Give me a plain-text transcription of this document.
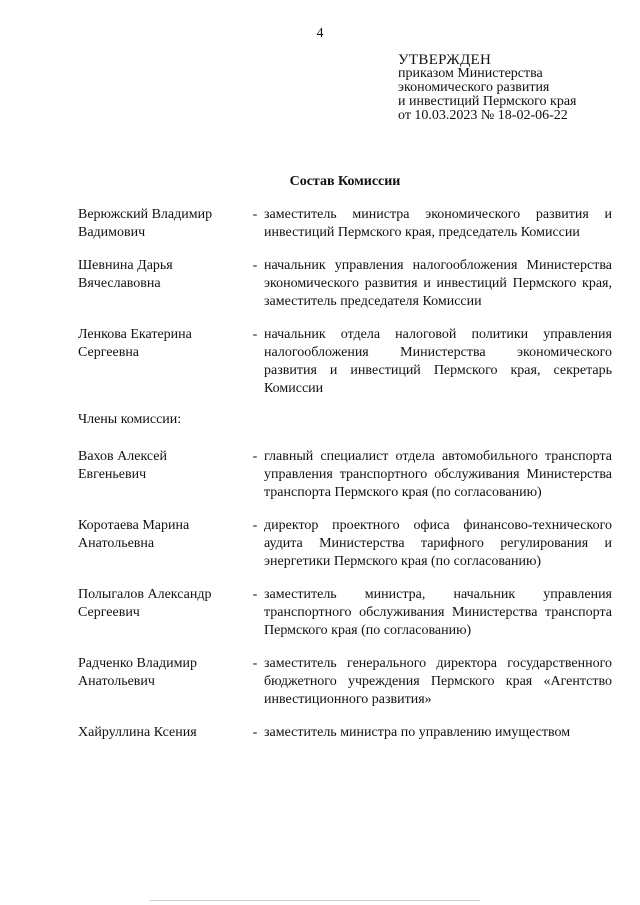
4
УТВЕРЖДЕН
приказом Министерства
экономического развития
и инвестиций Пермского края
от 10.03.2023 № 18-02-06-22
Состав Комиссии
Верюжский Владимир
Вадимович
- заместитель министра экономического развития и инвестиций Пермского края, председатель Комиссии
Шевнина Дарья
Вячеславовна
- начальник управления налогообложения Министерства экономического развития и инвестиций Пермского края, заместитель председателя Комиссии
Ленкова Екатерина
Сергеевна
- начальник отдела налоговой политики управления налогообложения Министерства экономического развития и инвестиций Пермского края, секретарь Комиссии
Члены комиссии:
Вахов Алексей
Евгеньевич
- главный специалист отдела автомобильного транспорта управления транспортного обслуживания Министерства транспорта Пермского края (по согласованию)
Коротаева Марина
Анатольевна
- директор проектного офиса финансово-технического аудита Министерства тарифного регулирования и энергетики Пермского края (по согласованию)
Полыгалов Александр
Сергеевич
- заместитель министра, начальник управления транспортного обслуживания Министерства транспорта Пермского края (по согласованию)
Радченко Владимир
Анатольевич
- заместитель генерального директора государственного бюджетного учреждения Пермского края «Агентство инвестиционного развития»
Хайруллина Ксения	- заместитель министра по управлению имуществом
